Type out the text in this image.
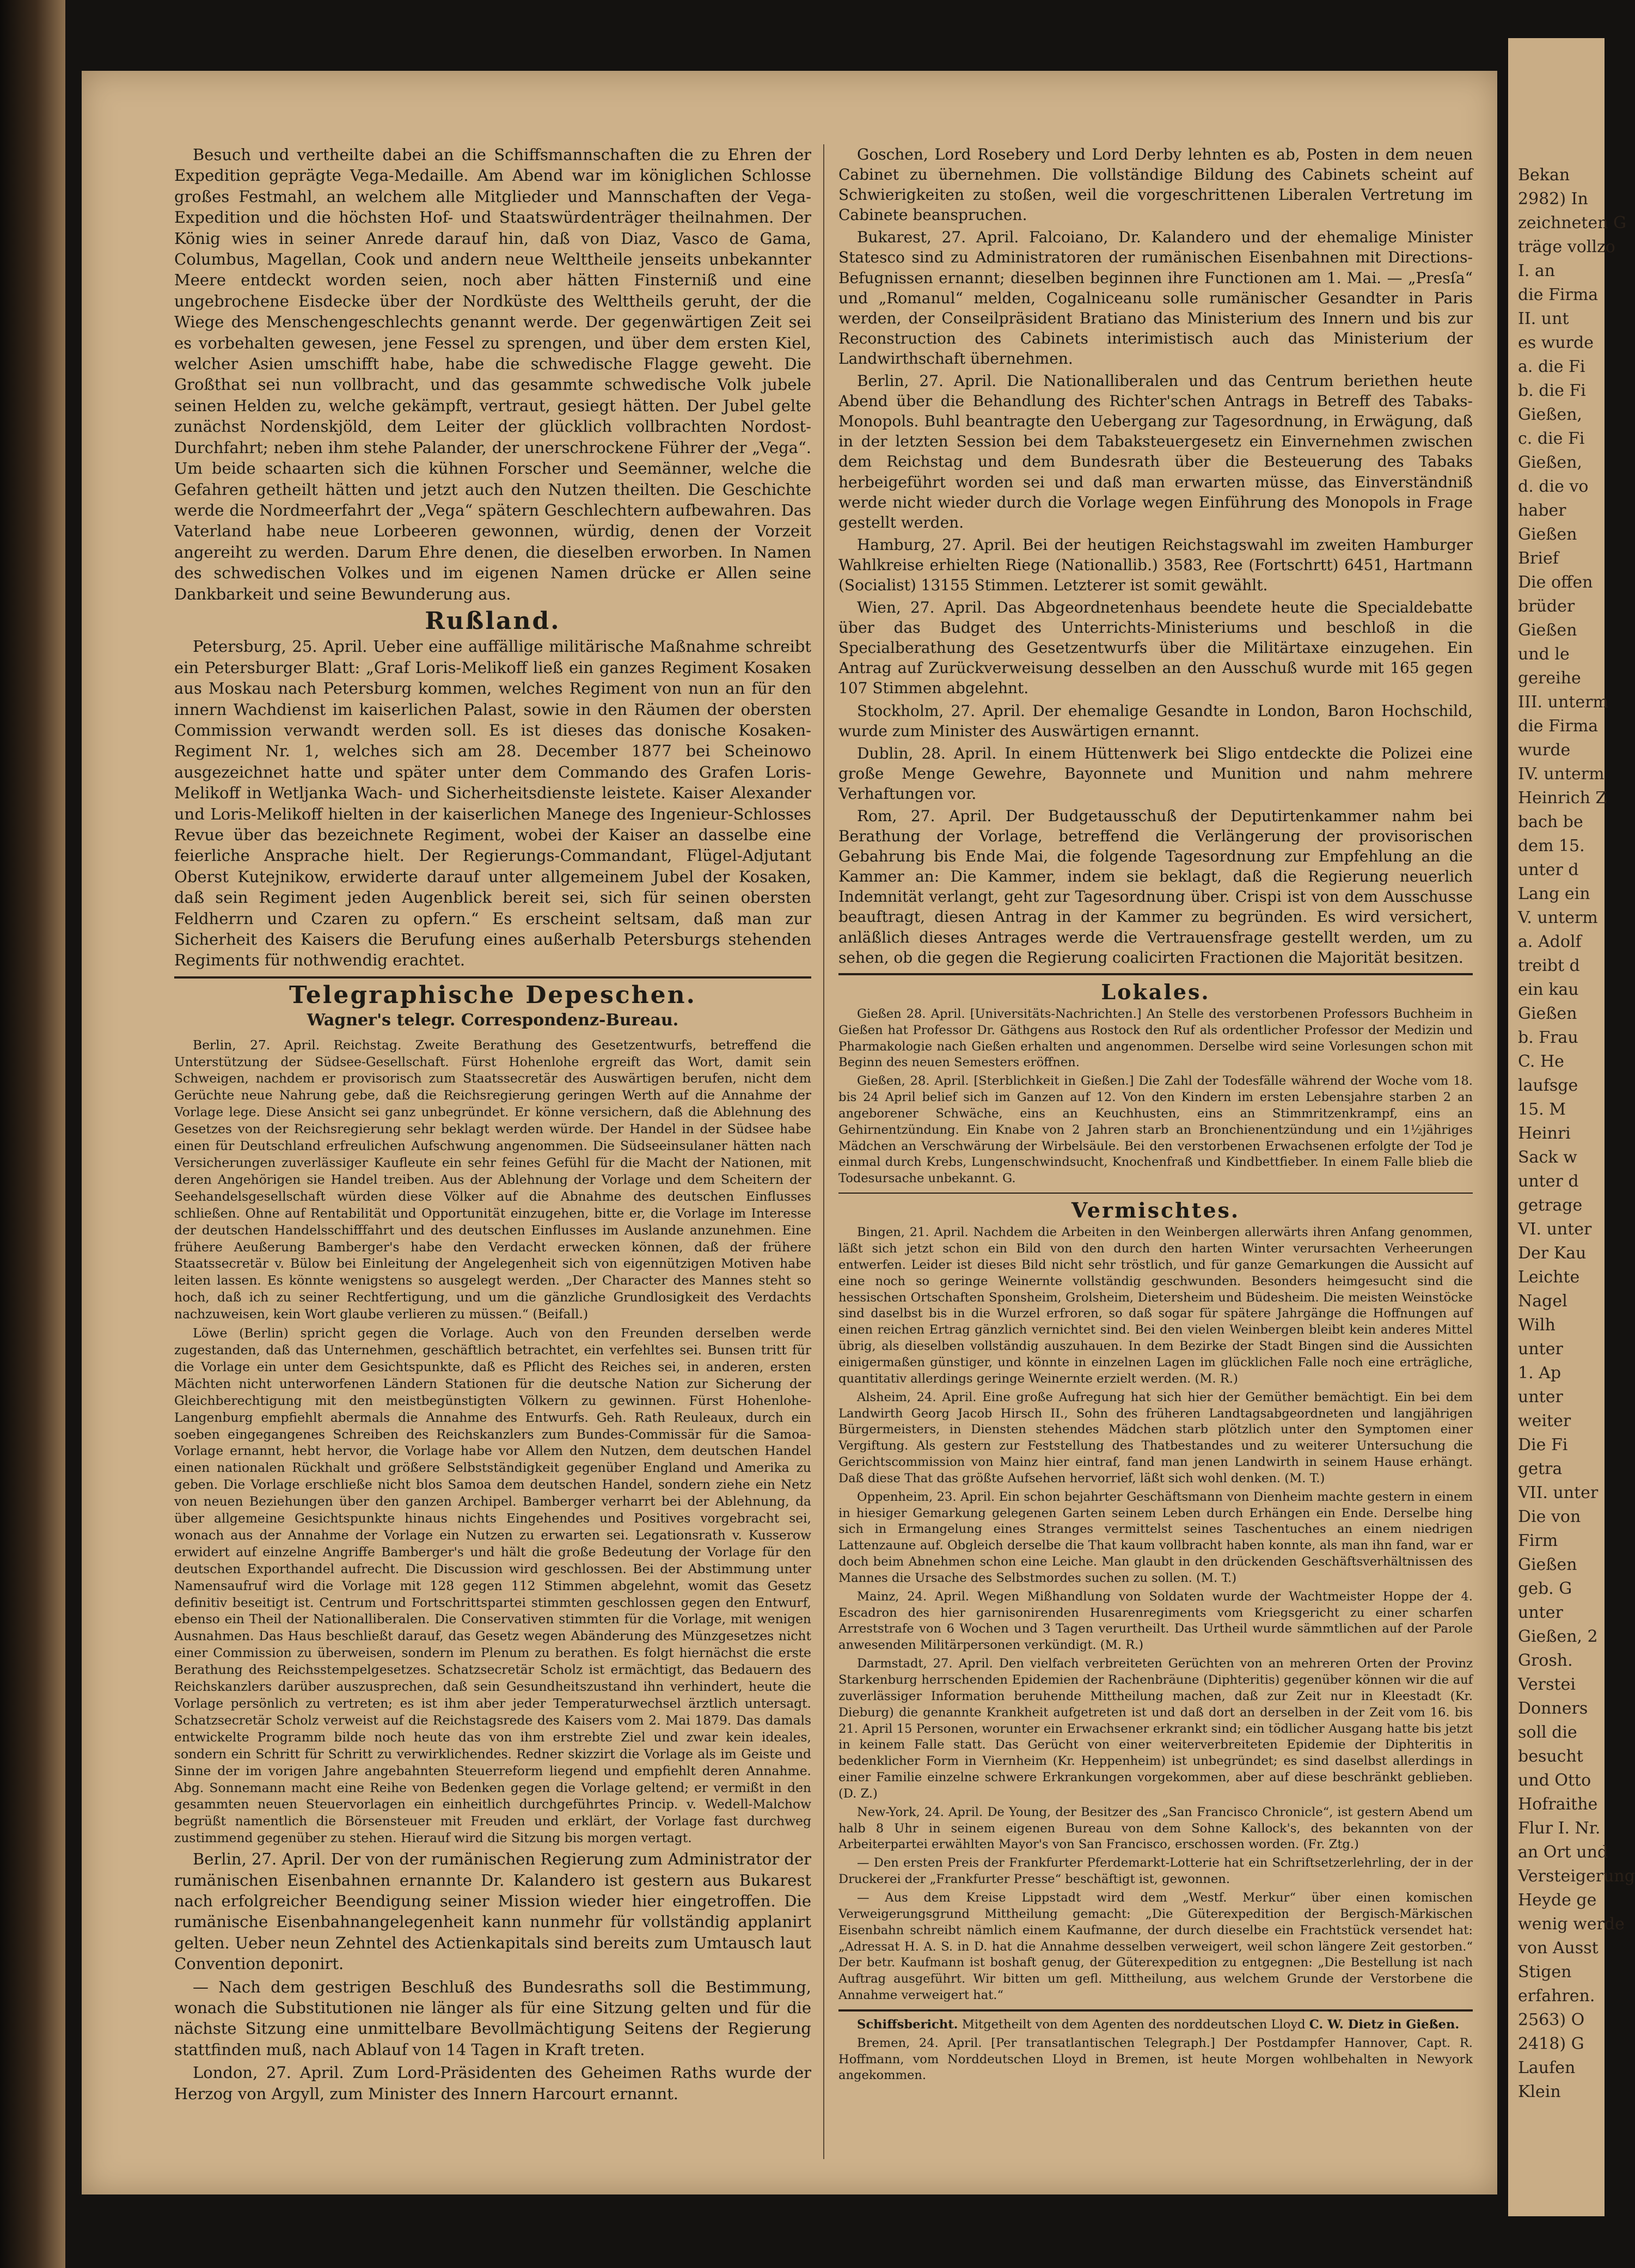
Bekan
2982) In
zeichneten G
träge vollzo
I. an
die Firma
II. unt
es wurde
a. die Fi
b. die Fi
Gießen,
c. die Fi
Gießen,
d. die vo
haber
Gießen
Brief
Die offen
brüder
Gießen
und le
gereihe
III. unterm
die Firma
wurde
IV. unterm
Heinrich Z
bach be
dem 15.
unter d
Lang ein
V. unterm
a. Adolf
treibt d
ein kau
Gießen
b. Frau
C. He
laufsge
15. M
Heinri
Sack w
unter d
getrage
VI. unter
Der Kau
Leichte
Nagel
Wilh
unter
1. Ap
unter
weiter
Die Fi
getra
VII. unter
Die von
Firm
Gießen
geb. G
unter
Gießen, 2
Grosh.
Verstei
Donners
soll die
besucht
und Otto
Hofraithe
Flur I. Nr.
an Ort und
Versteigerung
Heyde ge
wenig werde
von Ausst
Stigen
erfahren.
2563) O
2418) G
Laufen
Klein

Besuch und vertheilte dabei an die Schiffsmannschaften die zu Ehren der Expedition geprägte Vega-Medaille. Am Abend war im königlichen Schlosse großes Festmahl, an welchem alle Mitglieder und Mannschaften der Vega-Expedition und die höchsten Hof- und Staatswürdenträger theilnahmen. Der König wies in seiner Anrede darauf hin, daß von Diaz, Vasco de Gama, Columbus, Magellan, Cook und andern neue Welttheile jenseits unbekannter Meere entdeckt worden seien, noch aber hätten Finsterniß und eine ungebrochene Eisdecke über der Nordküste des Welttheils geruht, der die Wiege des Menschengeschlechts genannt werde. Der gegenwärtigen Zeit sei es vorbehalten gewesen, jene Fessel zu sprengen, und über dem ersten Kiel, welcher Asien umschifft habe, habe die schwedische Flagge geweht. Die Großthat sei nun vollbracht, und das gesammte schwedische Volk jubele seinen Helden zu, welche gekämpft, vertraut, gesiegt hätten. Der Jubel gelte zunächst Nordenskjöld, dem Leiter der glücklich vollbrachten Nordost-Durchfahrt; neben ihm stehe Palander, der unerschrockene Führer der „Vega“. Um beide schaarten sich die kühnen Forscher und Seemänner, welche die Gefahren getheilt hätten und jetzt auch den Nutzen theilten. Die Geschichte werde die Nordmeerfahrt der „Vega“ spätern Geschlechtern aufbewahren. Das Vaterland habe neue Lorbeeren gewonnen, würdig, denen der Vorzeit angereiht zu werden. Darum Ehre denen, die dieselben erworben. In Namen des schwedischen Volkes und im eigenen Namen drücke er Allen seine Dankbarkeit und seine Bewunderung aus.

Rußland.

Petersburg, 25. April. Ueber eine auffällige militärische Maßnahme schreibt ein Petersburger Blatt: „Graf Loris-Melikoff ließ ein ganzes Regiment Kosaken aus Moskau nach Petersburg kommen, welches Regiment von nun an für den innern Wachdienst im kaiserlichen Palast, sowie in den Räumen der obersten Commission verwandt werden soll. Es ist dieses das donische Kosaken-Regiment Nr. 1, welches sich am 28. December 1877 bei Scheinowo ausgezeichnet hatte und später unter dem Commando des Grafen Loris-Melikoff in Wetljanka Wach- und Sicherheitsdienste leistete. Kaiser Alexander und Loris-Melikoff hielten in der kaiserlichen Manege des Ingenieur-Schlosses Revue über das bezeichnete Regiment, wobei der Kaiser an dasselbe eine feierliche Ansprache hielt. Der Regierungs-Commandant, Flügel-Adjutant Oberst Kutejnikow, erwiderte darauf unter allgemeinem Jubel der Kosaken, daß sein Regiment jeden Augenblick bereit sei, sich für seinen obersten Feldherrn und Czaren zu opfern.“ Es erscheint seltsam, daß man zur Sicherheit des Kaisers die Berufung eines außerhalb Petersburgs stehenden Regiments für nothwendig erachtet.

Telegraphische Depeschen.
Wagner's telegr. Correspondenz-Bureau.

Berlin, 27. April. Reichstag. Zweite Berathung des Gesetzentwurfs, betreffend die Unterstützung der Südsee-Gesellschaft. Fürst Hohenlohe ergreift das Wort, damit sein Schweigen, nachdem er provisorisch zum Staatssecretär des Auswärtigen berufen, nicht dem Gerüchte neue Nahrung gebe, daß die Reichsregierung geringen Werth auf die Annahme der Vorlage lege. Diese Ansicht sei ganz unbegründet. Er könne versichern, daß die Ablehnung des Gesetzes von der Reichsregierung sehr beklagt werden würde. Der Handel in der Südsee habe einen für Deutschland erfreulichen Aufschwung angenommen. Die Südseeinsulaner hätten nach Versicherungen zuverlässiger Kaufleute ein sehr feines Gefühl für die Macht der Nationen, mit deren Angehörigen sie Handel treiben. Aus der Ablehnung der Vorlage und dem Scheitern der Seehandelsgesellschaft würden diese Völker auf die Abnahme des deutschen Einflusses schließen. Ohne auf Rentabilität und Opportunität einzugehen, bitte er, die Vorlage im Interesse der deutschen Handelsschifffahrt und des deutschen Einflusses im Auslande anzunehmen. Eine frühere Aeußerung Bamberger's habe den Verdacht erwecken können, daß der frühere Staatssecretär v. Bülow bei Einleitung der Angelegenheit sich von eigennützigen Motiven habe leiten lassen. Es könnte wenigstens so ausgelegt werden. „Der Character des Mannes steht so hoch, daß ich zu seiner Rechtfertigung, und um die gänzliche Grundlosigkeit des Verdachts nachzuweisen, kein Wort glaube verlieren zu müssen.“ (Beifall.)

Löwe (Berlin) spricht gegen die Vorlage. Auch von den Freunden derselben werde zugestanden, daß das Unternehmen, geschäftlich betrachtet, ein verfehltes sei. Bunsen tritt für die Vorlage ein unter dem Gesichtspunkte, daß es Pflicht des Reiches sei, in anderen, ersten Mächten nicht unterworfenen Ländern Stationen für die deutsche Nation zur Sicherung der Gleichberechtigung mit den meistbegünstigten Völkern zu gewinnen. Fürst Hohenlohe-Langenburg empfiehlt abermals die Annahme des Entwurfs. Geh. Rath Reuleaux, durch ein soeben eingegangenes Schreiben des Reichskanzlers zum Bundes-Commissär für die Samoa-Vorlage ernannt, hebt hervor, die Vorlage habe vor Allem den Nutzen, dem deutschen Handel einen nationalen Rückhalt und größere Selbstständigkeit gegenüber England und Amerika zu geben. Die Vorlage erschließe nicht blos Samoa dem deutschen Handel, sondern ziehe ein Netz von neuen Beziehungen über den ganzen Archipel. Bamberger verharrt bei der Ablehnung, da über allgemeine Gesichtspunkte hinaus nichts Eingehendes und Positives vorgebracht sei, wonach aus der Annahme der Vorlage ein Nutzen zu erwarten sei. Legationsrath v. Kusserow erwidert auf einzelne Angriffe Bamberger's und hält die große Bedeutung der Vorlage für den deutschen Exporthandel aufrecht. Die Discussion wird geschlossen. Bei der Abstimmung unter Namensaufruf wird die Vorlage mit 128 gegen 112 Stimmen abgelehnt, womit das Gesetz definitiv beseitigt ist. Centrum und Fortschrittspartei stimmten geschlossen gegen den Entwurf, ebenso ein Theil der Nationalliberalen. Die Conservativen stimmten für die Vorlage, mit wenigen Ausnahmen. Das Haus beschließt darauf, das Gesetz wegen Abänderung des Münzgesetzes nicht einer Commission zu überweisen, sondern im Plenum zu berathen. Es folgt hiernächst die erste Berathung des Reichsstempelgesetzes. Schatzsecretär Scholz ist ermächtigt, das Bedauern des Reichskanzlers darüber auszusprechen, daß sein Gesundheitszustand ihn verhindert, heute die Vorlage persönlich zu vertreten; es ist ihm aber jeder Temperaturwechsel ärztlich untersagt. Schatzsecretär Scholz verweist auf die Reichstagsrede des Kaisers vom 2. Mai 1879. Das damals entwickelte Programm bilde noch heute das von ihm erstrebte Ziel und zwar kein ideales, sondern ein Schritt für Schritt zu verwirklichendes. Redner skizzirt die Vorlage als im Geiste und Sinne der im vorigen Jahre angebahnten Steuerreform liegend und empfiehlt deren Annahme. Abg. Sonnemann macht eine Reihe von Bedenken gegen die Vorlage geltend; er vermißt in den gesammten neuen Steuervorlagen ein einheitlich durchgeführtes Princip. v. Wedell-Malchow begrüßt namentlich die Börsensteuer mit Freuden und erklärt, der Vorlage fast durchweg zustimmend gegenüber zu stehen. Hierauf wird die Sitzung bis morgen vertagt.

Berlin, 27. April. Der von der rumänischen Regierung zum Administrator der rumänischen Eisenbahnen ernannte Dr. Kalandero ist gestern aus Bukarest nach erfolgreicher Beendigung seiner Mission wieder hier eingetroffen. Die rumänische Eisenbahnangelegenheit kann nunmehr für vollständig applanirt gelten. Ueber neun Zehntel des Actienkapitals sind bereits zum Umtausch laut Convention deponirt.

— Nach dem gestrigen Beschluß des Bundesraths soll die Bestimmung, wonach die Substitutionen nie länger als für eine Sitzung gelten und für die nächste Sitzung eine unmittelbare Bevollmächtigung Seitens der Regierung stattfinden muß, nach Ablauf von 14 Tagen in Kraft treten.

London, 27. April. Zum Lord-Präsidenten des Geheimen Raths wurde der Herzog von Argyll, zum Minister des Innern Harcourt ernannt.

Goschen, Lord Rosebery und Lord Derby lehnten es ab, Posten in dem neuen Cabinet zu übernehmen. Die vollständige Bildung des Cabinets scheint auf Schwierigkeiten zu stoßen, weil die vorgeschrittenen Liberalen Vertretung im Cabinete beanspruchen.

Bukarest, 27. April. Falcoiano, Dr. Kalandero und der ehemalige Minister Statesco sind zu Administratoren der rumänischen Eisenbahnen mit Directions-Befugnissen ernannt; dieselben beginnen ihre Functionen am 1. Mai. — „Presſa“ und „Romanul“ melden, Cogalniceanu solle rumänischer Gesandter in Paris werden, der Conseilpräsident Bratiano das Ministerium des Innern und bis zur Reconstruction des Cabinets interimistisch auch das Ministerium der Landwirthschaft übernehmen.

Berlin, 27. April. Die Nationalliberalen und das Centrum beriethen heute Abend über die Behandlung des Richter'schen Antrags in Betreff des Tabaks-Monopols. Buhl beantragte den Uebergang zur Tagesordnung, in Erwägung, daß in der letzten Session bei dem Tabaksteuergesetz ein Einvernehmen zwischen dem Reichstag und dem Bundesrath über die Besteuerung des Tabaks herbeigeführt worden sei und daß man erwarten müsse, das Einverständniß werde nicht wieder durch die Vorlage wegen Einführung des Monopols in Frage gestellt werden.

Hamburg, 27. April. Bei der heutigen Reichstagswahl im zweiten Hamburger Wahlkreise erhielten Riege (Nationallib.) 3583, Ree (Fortschrtt) 6451, Hartmann (Socialist) 13155 Stimmen. Letzterer ist somit gewählt.

Wien, 27. April. Das Abgeordnetenhaus beendete heute die Specialdebatte über das Budget des Unterrichts-Ministeriums und beschloß in die Specialberathung des Gesetzentwurfs über die Militärtaxe einzugehen. Ein Antrag auf Zurückverweisung desselben an den Ausschuß wurde mit 165 gegen 107 Stimmen abgelehnt.

Stockholm, 27. April. Der ehemalige Gesandte in London, Baron Hochschild, wurde zum Minister des Auswärtigen ernannt.

Dublin, 28. April. In einem Hüttenwerk bei Sligo entdeckte die Polizei eine große Menge Gewehre, Bayonnete und Munition und nahm mehrere Verhaftungen vor.

Rom, 27. April. Der Budgetausschuß der Deputirtenkammer nahm bei Berathung der Vorlage, betreffend die Verlängerung der provisorischen Gebahrung bis Ende Mai, die folgende Tagesordnung zur Empfehlung an die Kammer an: Die Kammer, indem sie beklagt, daß die Regierung neuerlich Indemnität verlangt, geht zur Tagesordnung über. Crispi ist von dem Ausschusse beauftragt, diesen Antrag in der Kammer zu begründen. Es wird versichert, anläßlich dieses Antrages werde die Vertrauensfrage gestellt werden, um zu sehen, ob die gegen die Regierung coalicirten Fractionen die Majorität besitzen.

Lokales.

Gießen 28. April. [Universitäts-Nachrichten.] An Stelle des verstorbenen Professors Buchheim in Gießen hat Professor Dr. Gäthgens aus Rostock den Ruf als ordentlicher Professor der Medizin und Pharmakologie nach Gießen erhalten und angenommen. Derselbe wird seine Vorlesungen schon mit Beginn des neuen Semesters eröffnen.

Gießen, 28. April. [Sterblichkeit in Gießen.] Die Zahl der Todesfälle während der Woche vom 18. bis 24 April belief sich im Ganzen auf 12. Von den Kindern im ersten Lebensjahre starben 2 an angeborener Schwäche, eins an Keuchhusten, eins an Stimmritzenkrampf, eins an Gehirnentzündung. Ein Knabe von 2 Jahren starb an Bronchienentzündung und ein 1½jähriges Mädchen an Verschwärung der Wirbelsäule. Bei den verstorbenen Erwachsenen erfolgte der Tod je einmal durch Krebs, Lungenschwindsucht, Knochenfraß und Kindbettfieber. In einem Falle blieb die Todesursache unbekannt. G.

Vermischtes.

Bingen, 21. April. Nachdem die Arbeiten in den Weinbergen allerwärts ihren Anfang genommen, läßt sich jetzt schon ein Bild von den durch den harten Winter verursachten Verheerungen entwerfen. Leider ist dieses Bild nicht sehr tröstlich, und für ganze Gemarkungen die Aussicht auf eine noch so geringe Weinernte vollständig geschwunden. Besonders heimgesucht sind die hessischen Ortschaften Sponsheim, Grolsheim, Dietersheim und Büdesheim. Die meisten Weinstöcke sind daselbst bis in die Wurzel erfroren, so daß sogar für spätere Jahrgänge die Hoffnungen auf einen reichen Ertrag gänzlich vernichtet sind. Bei den vielen Weinbergen bleibt kein anderes Mittel übrig, als dieselben vollständig auszuhauen. In dem Bezirke der Stadt Bingen sind die Aussichten einigermaßen günstiger, und könnte in einzelnen Lagen im glücklichen Falle noch eine erträgliche, quantitativ allerdings geringe Weinernte erzielt werden. (M. R.)

Alsheim, 24. April. Eine große Aufregung hat sich hier der Gemüther bemächtigt. Ein bei dem Landwirth Georg Jacob Hirsch II., Sohn des früheren Landtagsabgeordneten und langjährigen Bürgermeisters, in Diensten stehendes Mädchen starb plötzlich unter den Symptomen einer Vergiftung. Als gestern zur Feststellung des Thatbestandes und zu weiterer Untersuchung die Gerichtscommission von Mainz hier eintraf, fand man jenen Landwirth in seinem Hause erhängt. Daß diese That das größte Aufsehen hervorrief, läßt sich wohl denken. (M. T.)

Oppenheim, 23. April. Ein schon bejahrter Geschäftsmann von Dienheim machte gestern in einem in hiesiger Gemarkung gelegenen Garten seinem Leben durch Erhängen ein Ende. Derselbe hing sich in Ermangelung eines Stranges vermittelst seines Taschentuches an einem niedrigen Lattenzaune auf. Obgleich derselbe die That kaum vollbracht haben konnte, als man ihn fand, war er doch beim Abnehmen schon eine Leiche. Man glaubt in den drückenden Geschäftsverhältnissen des Mannes die Ursache des Selbstmordes suchen zu sollen. (M. T.)

Mainz, 24. April. Wegen Mißhandlung von Soldaten wurde der Wachtmeister Hoppe der 4. Escadron des hier garnisonirenden Husarenregiments vom Kriegsgericht zu einer scharfen Arreststrafe von 6 Wochen und 3 Tagen verurtheilt. Das Urtheil wurde sämmtlichen auf der Parole anwesenden Militärpersonen verkündigt. (M. R.)

Darmstadt, 27. April. Den vielfach verbreiteten Gerüchten von an mehreren Orten der Provinz Starkenburg herrschenden Epidemien der Rachenbräune (Diphteritis) gegenüber können wir die auf zuverlässiger Information beruhende Mittheilung machen, daß zur Zeit nur in Kleestadt (Kr. Dieburg) die genannte Krankheit aufgetreten ist und daß dort an derselben in der Zeit vom 16. bis 21. April 15 Personen, worunter ein Erwachsener erkrankt sind; ein tödlicher Ausgang hatte bis jetzt in keinem Falle statt. Das Gerücht von einer weiterverbreiteten Epidemie der Diphteritis in bedenklicher Form in Viernheim (Kr. Heppenheim) ist unbegründet; es sind daselbst allerdings in einer Familie einzelne schwere Erkrankungen vorgekommen, aber auf diese beschränkt geblieben. (D. Z.)

New-York, 24. April. De Young, der Besitzer des „San Francisco Chronicle“, ist gestern Abend um halb 8 Uhr in seinem eigenen Bureau von dem Sohne Kallock's, des bekannten von der Arbeiterpartei erwählten Mayor's von San Francisco, erschossen worden. (Fr. Ztg.)

— Den ersten Preis der Frankfurter Pferdemarkt-Lotterie hat ein Schriftsetzerlehrling, der in der Druckerei der „Frankfurter Presse“ beschäftigt ist, gewonnen.

— Aus dem Kreise Lippstadt wird dem „Westf. Merkur“ über einen komischen Verweigerungsgrund Mittheilung gemacht: „Die Güterexpedition der Bergisch-Märkischen Eisenbahn schreibt nämlich einem Kaufmanne, der durch dieselbe ein Frachtstück versendet hat: „Adressat H. A. S. in D. hat die Annahme desselben verweigert, weil schon längere Zeit gestorben.“ Der betr. Kaufmann ist boshaft genug, der Güterexpedition zu entgegnen: „Die Bestellung ist nach Auftrag ausgeführt. Wir bitten um gefl. Mittheilung, aus welchem Grunde der Verstorbene die Annahme verweigert hat.“

Schiffsbericht. Mitgetheilt von dem Agenten des norddeutschen Lloyd C. W. Dietz in Gießen.

Bremen, 24. April. [Per transatlantischen Telegraph.] Der Postdampfer Hannover, Capt. R. Hoffmann, vom Norddeutschen Lloyd in Bremen, ist heute Morgen wohlbehalten in Newyork angekommen.
